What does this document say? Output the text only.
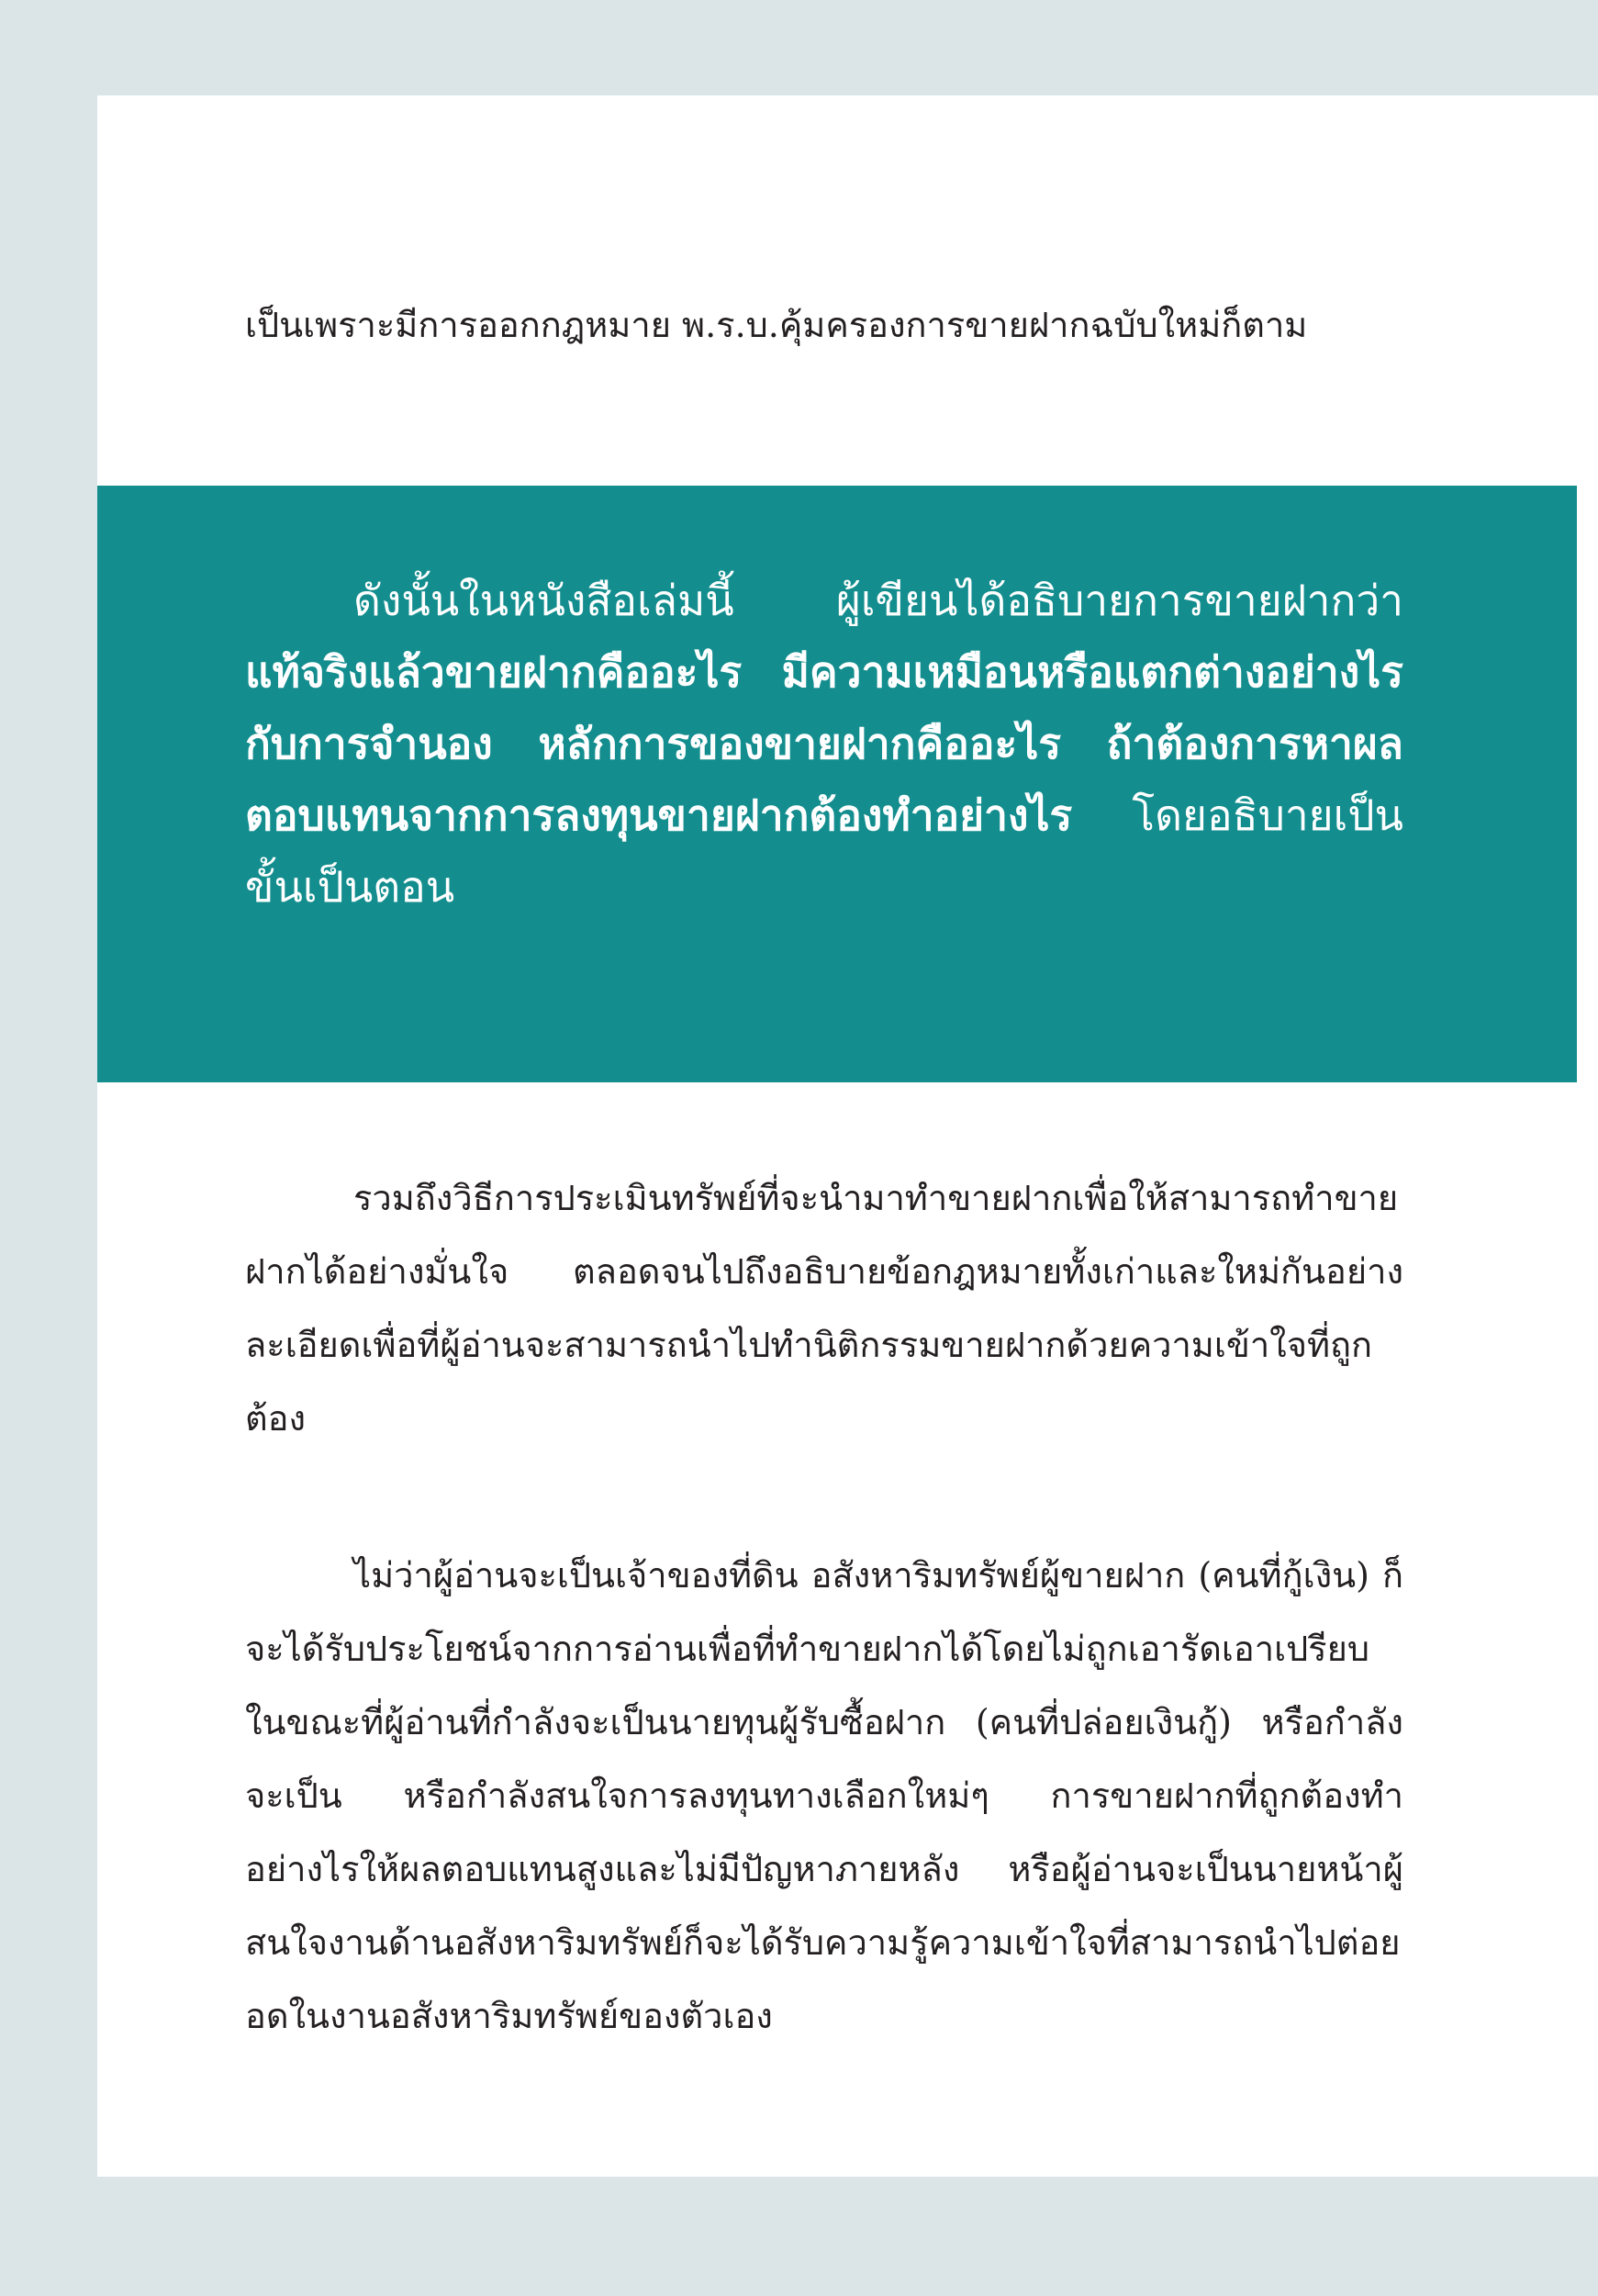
เป็นเพราะมีการออกกฎหมาย พ.ร.บ.คุ้มครองการขายฝากฉบับใหม่ก็ตาม

ดังนั้นในหนังสือเล่มนี้ ผู้เขียนได้อธิบายการขายฝากว่า แท้จริงแล้วขายฝากคืออะไร มีความเหมือนหรือแตกต่างอย่างไรกับการจำนอง หลักการของขายฝากคืออะไร ถ้าต้องการหาผลตอบแทนจากการลงทุนขายฝากต้องทำอย่างไร โดยอธิบายเป็นขั้นเป็นตอน

รวมถึงวิธีการประเมินทรัพย์ที่จะนำมาทำขายฝากเพื่อให้สามารถทำขายฝากได้อย่างมั่นใจ ตลอดจนไปถึงอธิบายข้อกฎหมายทั้งเก่าและใหม่กันอย่างละเอียดเพื่อที่ผู้อ่านจะสามารถนำไปทำนิติกรรมขายฝากด้วยความเข้าใจที่ถูกต้อง

ไม่ว่าผู้อ่านจะเป็นเจ้าของที่ดิน อสังหาริมทรัพย์ผู้ขายฝาก (คนที่กู้เงิน) ก็จะได้รับประโยชน์จากการอ่านเพื่อที่ทำขายฝากได้โดยไม่ถูกเอารัดเอาเปรียบ ในขณะที่ผู้อ่านที่กำลังจะเป็นนายทุนผู้รับซื้อฝาก (คนที่ปล่อยเงินกู้) หรือกำลังจะเป็น หรือกำลังสนใจการลงทุนทางเลือกใหม่ๆ การขายฝากที่ถูกต้องทำอย่างไรให้ผลตอบแทนสูงและไม่มีปัญหาภายหลัง หรือผู้อ่านจะเป็นนายหน้าผู้สนใจงานด้านอสังหาริมทรัพย์ก็จะได้รับความรู้ความเข้าใจที่สามารถนำไปต่อยอดในงานอสังหาริมทรัพย์ของตัวเอง
